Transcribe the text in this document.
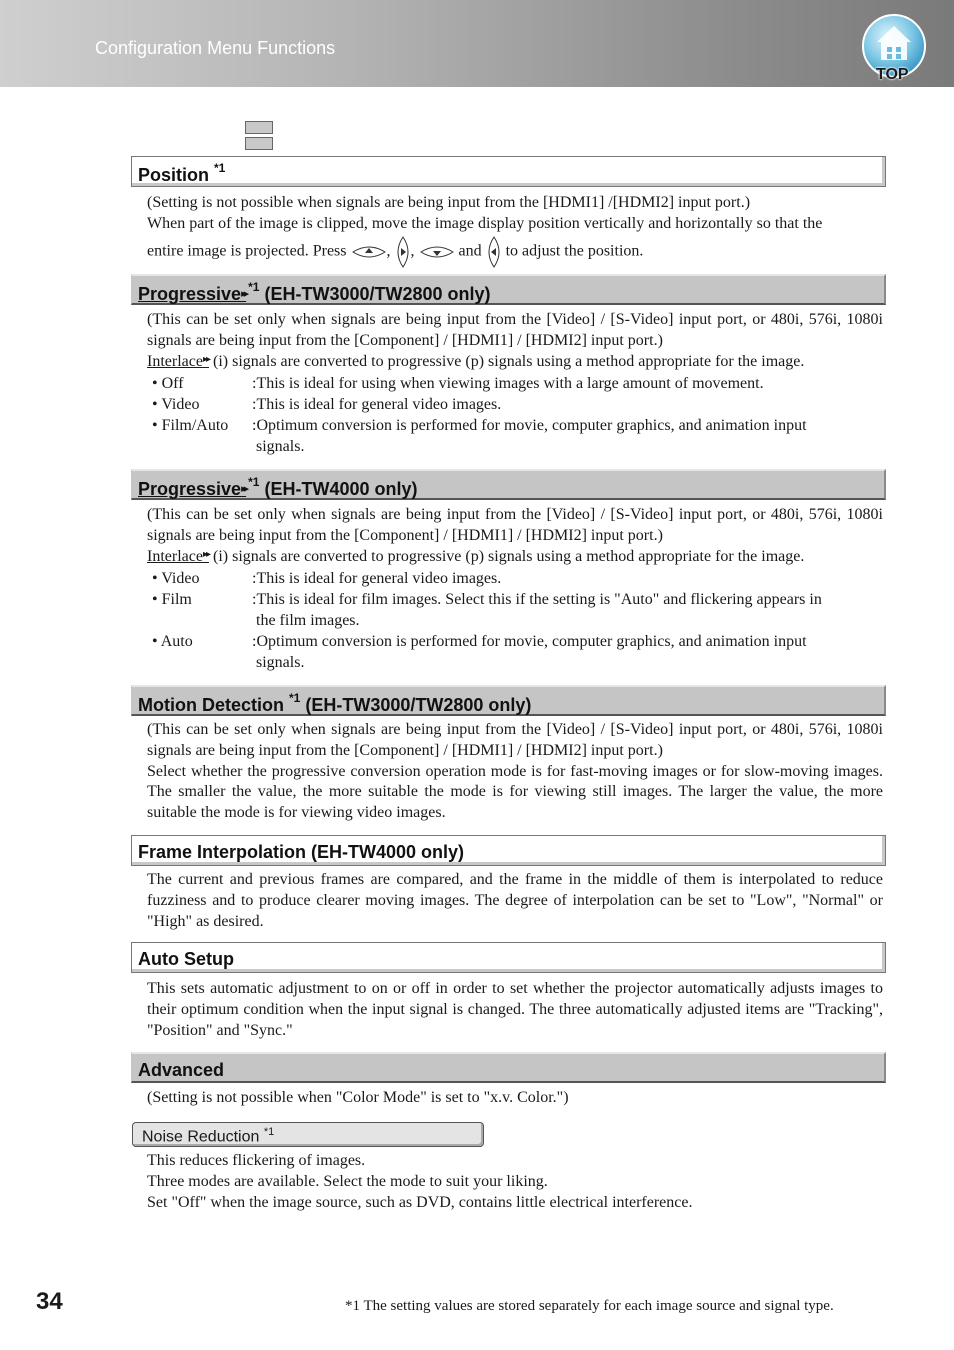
Configuration Menu Functions
TOP
Position $^{*1}$

(Setting is not possible when signals are being input from the [HDMI1] /[HDMI2] input port.)

When part of the image is clipped, move the image display position vertically and horizontally so that the

entire image is projected. Press	, ,	and to adjust the position.

Progressive▸▸ $^{*1}$ (EH-TW3000/TW2800 only)

(This can be set only when signals are being input from the [Video] / [S-Video] input port, or 480i, 576i, 1080i signals are being input from the [Component] / [HDMI1] / [HDMI2] input port.)

Interlace▸▸ (i) signals are converted to progressive (p) signals using a method appropriate for the image.

• Off	:This is ideal for using when viewing images with a large amount of movement.
• Video	:This is ideal for general video images.
• Film/Auto	:Optimum conversion is performed for movie, computer graphics, and animation input
signals.
Progressive▸▸ $^{*1}$ (EH-TW4000 only)

(This can be set only when signals are being input from the [Video] / [S-Video] input port, or 480i, 576i, 1080i signals are being input from the [Component] / [HDMI1] / [HDMI2] input port.)

Interlace▸▸ (i) signals are converted to progressive (p) signals using a method appropriate for the image.

• Video	:This is ideal for general video images.
• Film	:This is ideal for film images. Select this if the setting is "Auto" and flickering appears in
the film images.
• Auto	:Optimum conversion is performed for movie, computer graphics, and animation input
signals.
Motion Detection $^{*1}$ (EH-TW3000/TW2800 only)

(This can be set only when signals are being input from the [Video] / [S-Video] input port, or 480i, 576i, 1080i signals are being input from the [Component] / [HDMI1] / [HDMI2] input port.)

Select whether the progressive conversion operation mode is for fast-moving images or for slow-moving images. The smaller the value, the more suitable the mode is for viewing still images. The larger the value, the more suitable the mode is for viewing video images.

Frame Interpolation (EH-TW4000 only)

The current and previous frames are compared, and the frame in the middle of them is interpolated to reduce fuzziness and to produce clearer moving images. The degree of interpolation can be set to "Low", "Normal" or "High" as desired.

Auto Setup

This sets automatic adjustment to on or off in order to set whether the projector automatically adjusts images to their optimum condition when the input signal is changed. The three automatically adjusted items are "Tracking", "Position" and "Sync."

Advanced

(Setting is not possible when "Color Mode" is set to "x.v. Color.")

Noise Reduction $^{*1}$

This reduces flickering of images.

Three modes are available. Select the mode to suit your liking.

Set "Off" when the image source, such as DVD, contains little electrical interference.

34	*1 The setting values are stored separately for each image source and signal type.
